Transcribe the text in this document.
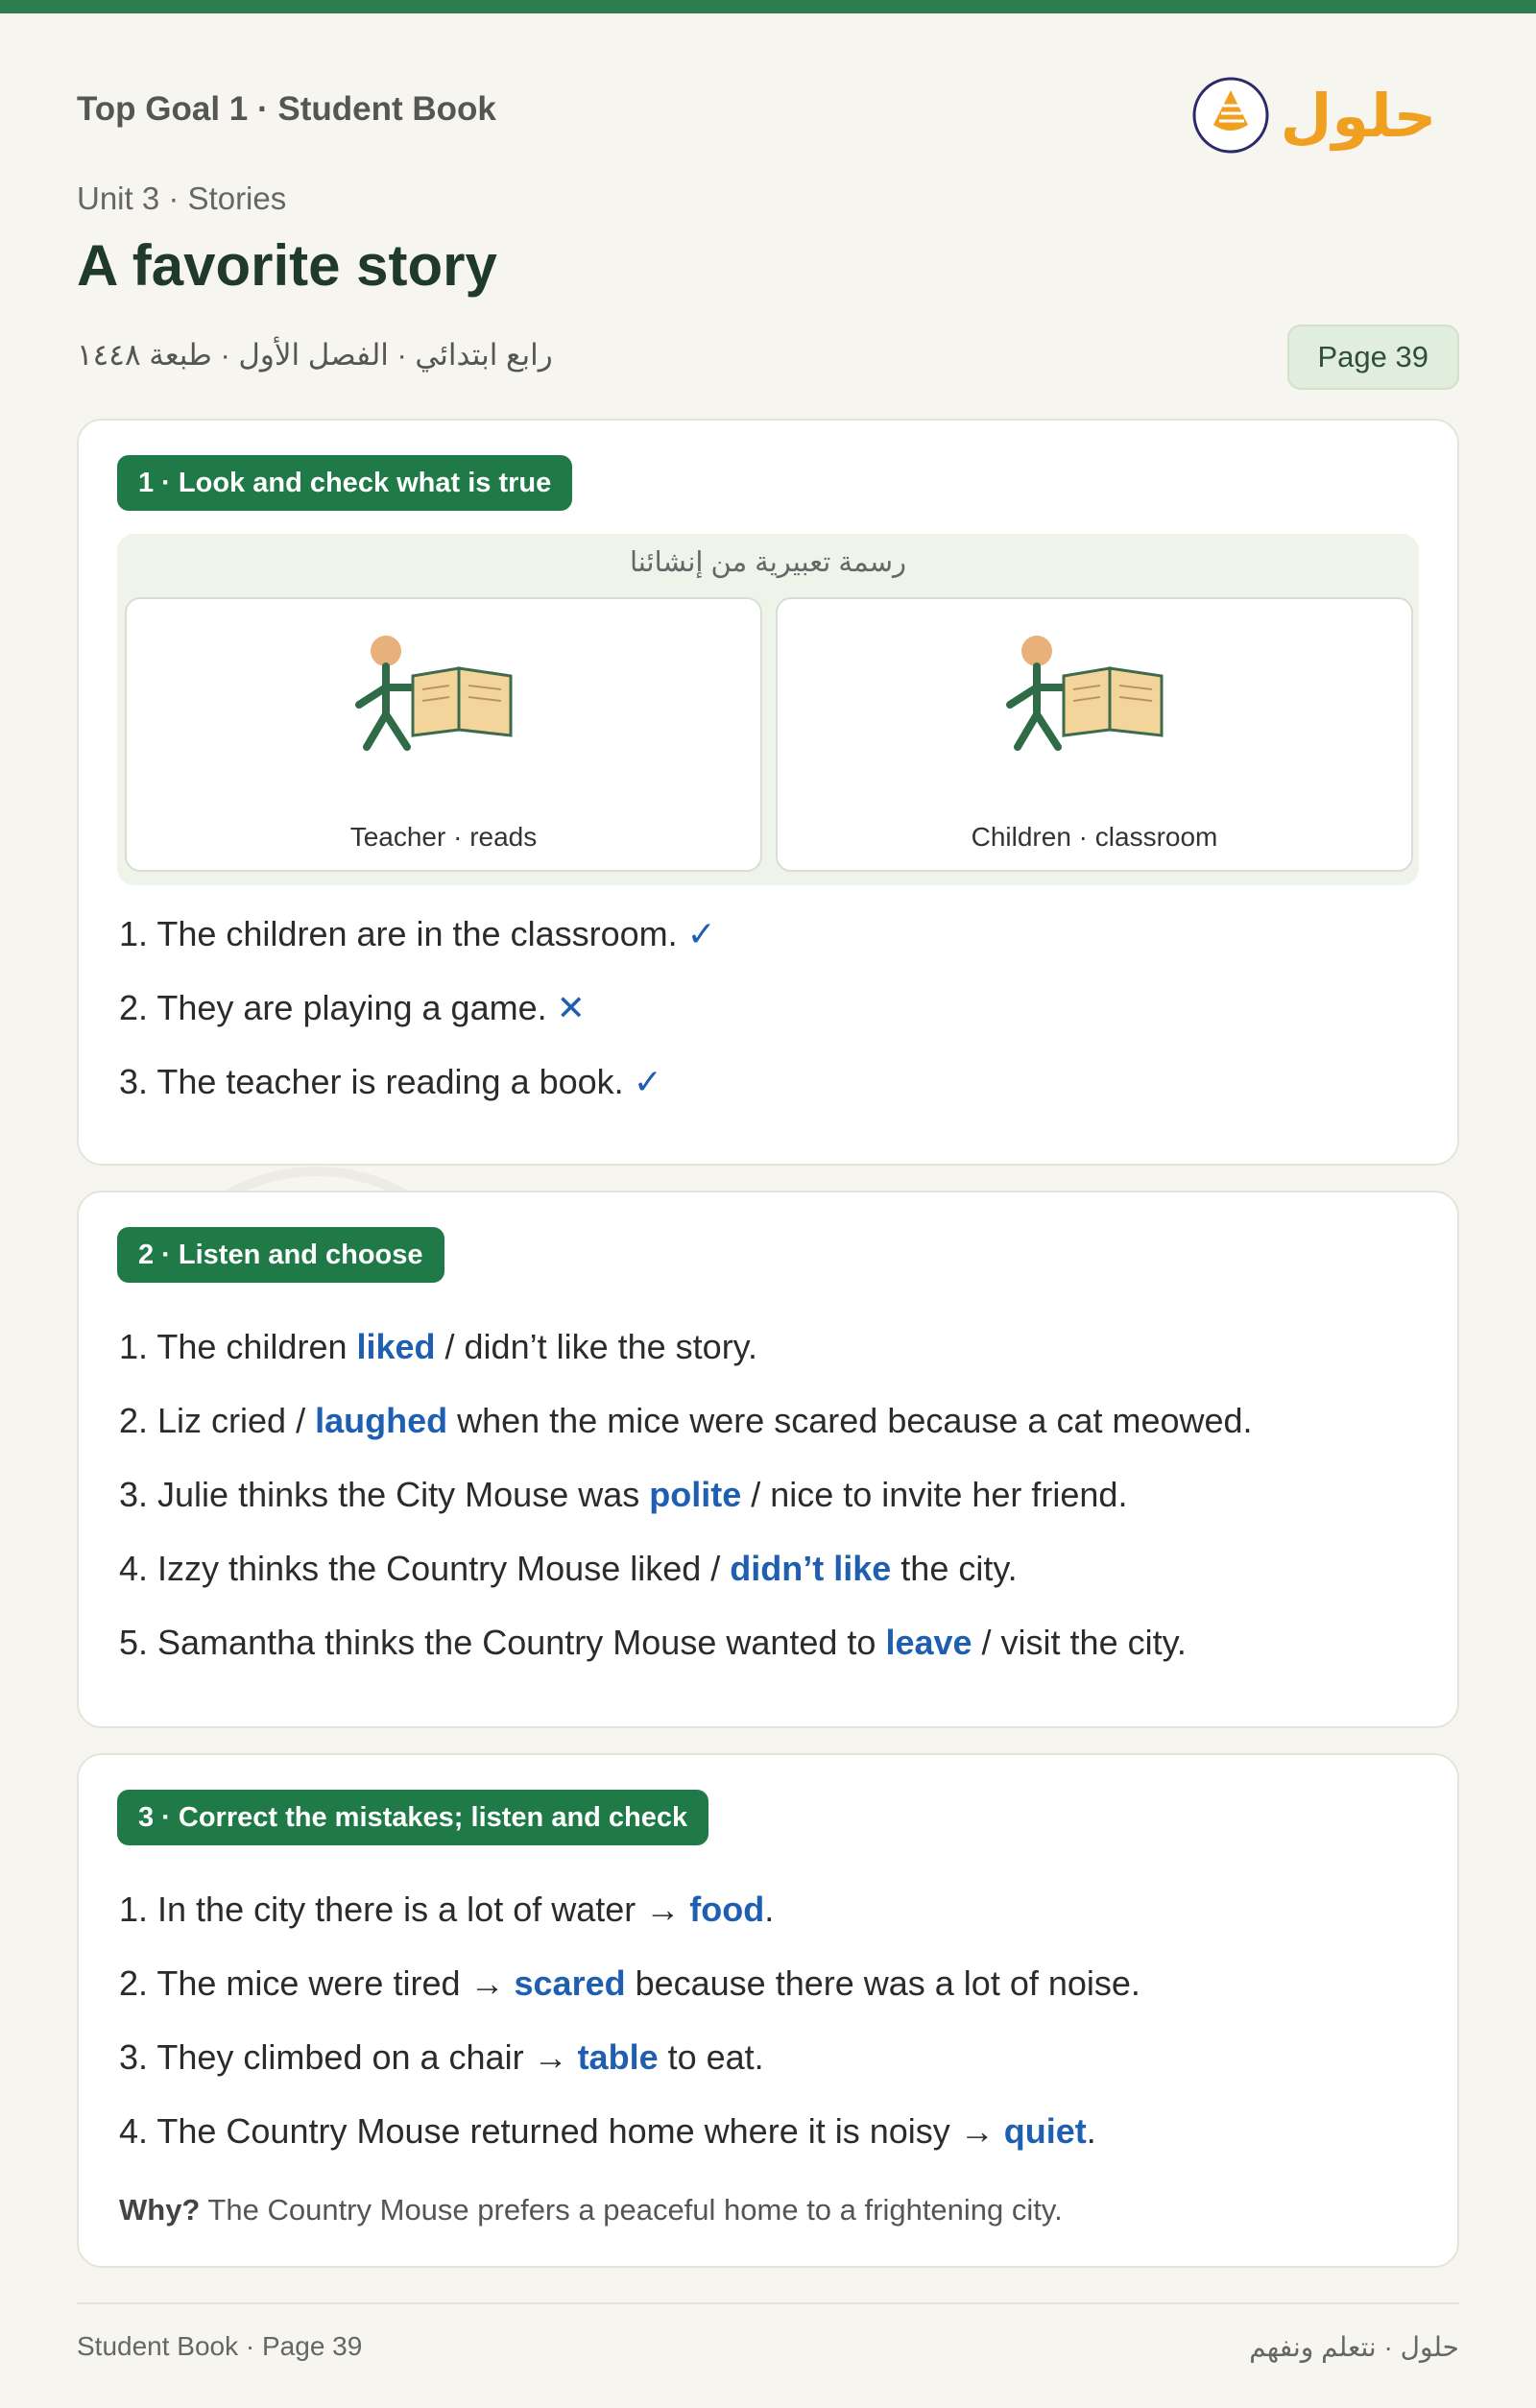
Top Goal 1 · Student Book	حلول
Unit 3 · Stories
A favorite story
رابع ابتدائي · الفصل الأول · طبعة ١٤٤٨	Page 39
1 · Look and check what is true
رسمة تعبيرية من إنشائنا
Teacher · reads	Children · classroom
1. The children are in the classroom. ✓
2. They are playing a game. ✕
3. The teacher is reading a book. ✓
2 · Listen and choose
1. The children liked / didn’t like the story.
2. Liz cried / laughed when the mice were scared because a cat meowed.
3. Julie thinks the City Mouse was polite / nice to invite her friend.
4. Izzy thinks the Country Mouse liked / didn’t like the city.
5. Samantha thinks the Country Mouse wanted to leave / visit the city.
3 · Correct the mistakes; listen and check
1. In the city there is a lot of water → food.
2. The mice were tired → scared because there was a lot of noise.
3. They climbed on a chair → table to eat.
4. The Country Mouse returned home where it is noisy → quiet.
Why? The Country Mouse prefers a peaceful home to a frightening city.
Student Book · Page 39	حلول · نتعلم ونفهم
